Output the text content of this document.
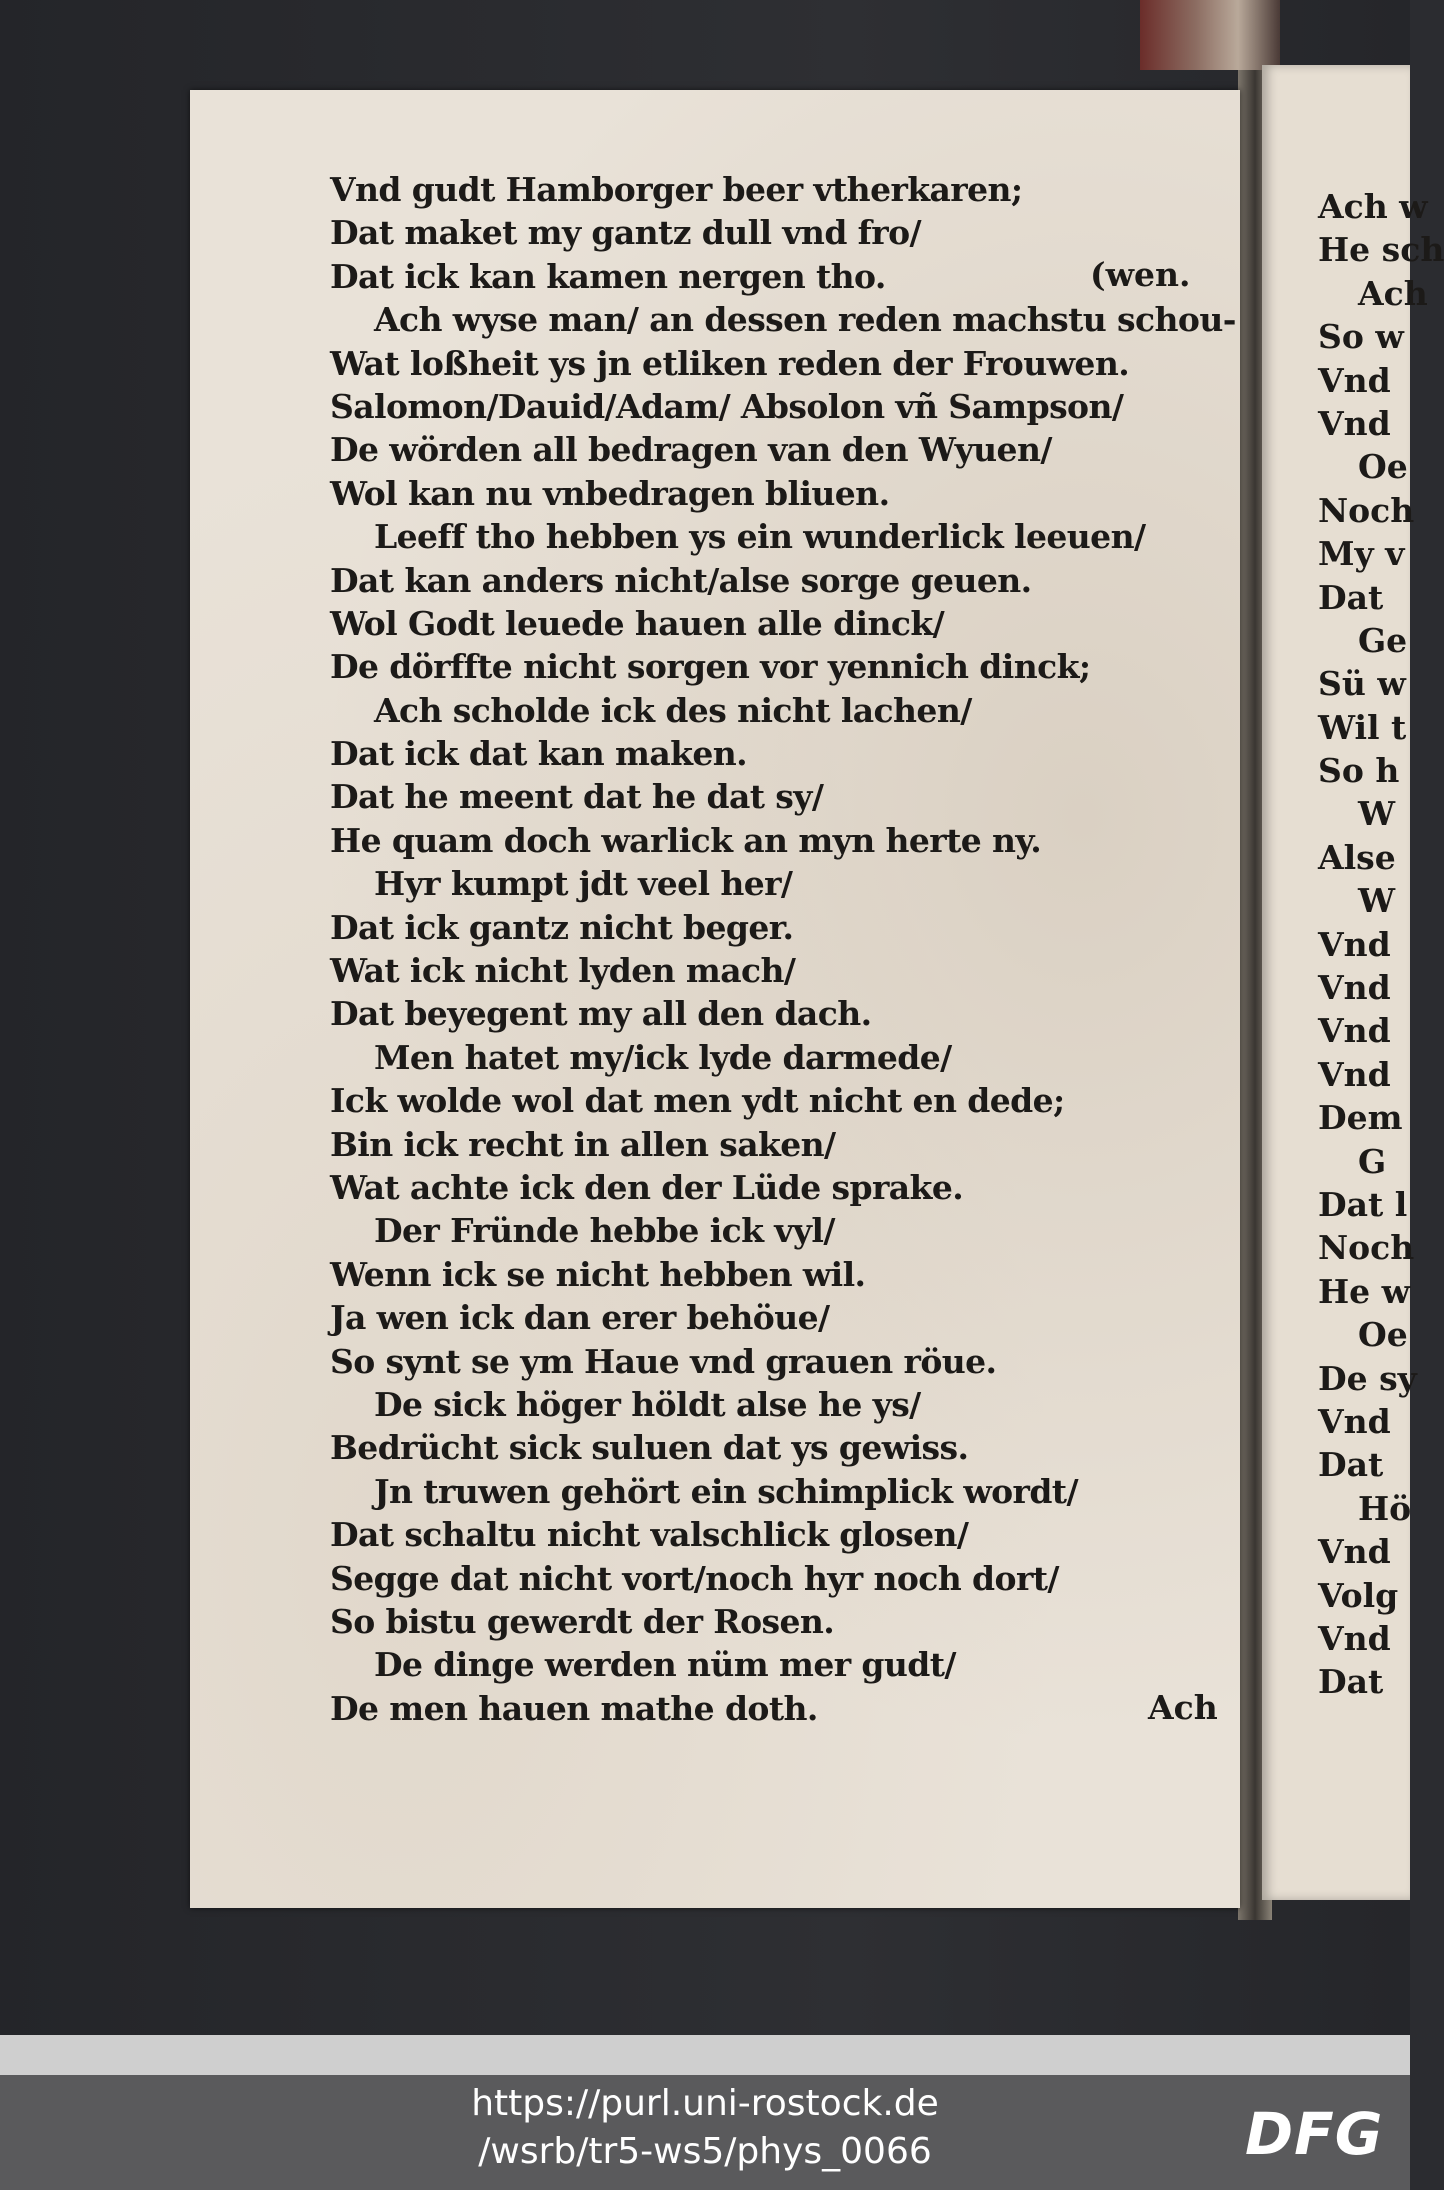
Ach w
He sch
Ach
So w
Vnd
Vnd
Oe
Noch
My v
Dat
Ge
Sü w
Wil t
So h
W
Alse
W
Vnd
Vnd
Vnd
Vnd
Dem
G
Dat l
Noch
He w
Oe
De sy
Vnd
Dat
Hö
Vnd
Volg
Vnd
Dat
Vnd gudt Hamborger beer vtherkaren;
Dat maket my gantz dull vnd fro/
Dat ick kan kamen nergen tho.
Ach wyse man/ an dessen reden machstu schou-
Wat loßheit ys jn etliken reden der Frouwen.
Salomon/Dauid/Adam/ Absolon vñ Sampson/
De wörden all bedragen van den Wyuen/
Wol kan nu vnbedragen bliuen.
Leeff tho hebben ys ein wunderlick leeuen/
Dat kan anders nicht/alse sorge geuen.
Wol Godt leuede hauen alle dinck/
De dörffte nicht sorgen vor yennich dinck;
Ach scholde ick des nicht lachen/
Dat ick dat kan maken.
Dat he meent dat he dat sy/
He quam doch warlick an myn herte ny.
Hyr kumpt jdt veel her/
Dat ick gantz nicht beger.
Wat ick nicht lyden mach/
Dat beyegent my all den dach.
Men hatet my/ick lyde darmede/
Ick wolde wol dat men ydt nicht en dede;
Bin ick recht in allen saken/
Wat achte ick den der Lüde sprake.
Der Fründe hebbe ick vyl/
Wenn ick se nicht hebben wil.
Ja wen ick dan erer behöue/
So synt se ym Haue vnd grauen röue.
De sick höger höldt alse he ys/
Bedrücht sick suluen dat ys gewiss.
Jn truwen gehört ein schimplick wordt/
Dat schaltu nicht valschlick glosen/
Segge dat nicht vort/noch hyr noch dort/
So bistu gewerdt der Rosen.
De dinge werden nüm mer gudt/
De men hauen mathe doth.
(wen.
Ach
https://purl.uni-rostock.de
/wsrb/tr5-ws5/phys_0066	DFG
